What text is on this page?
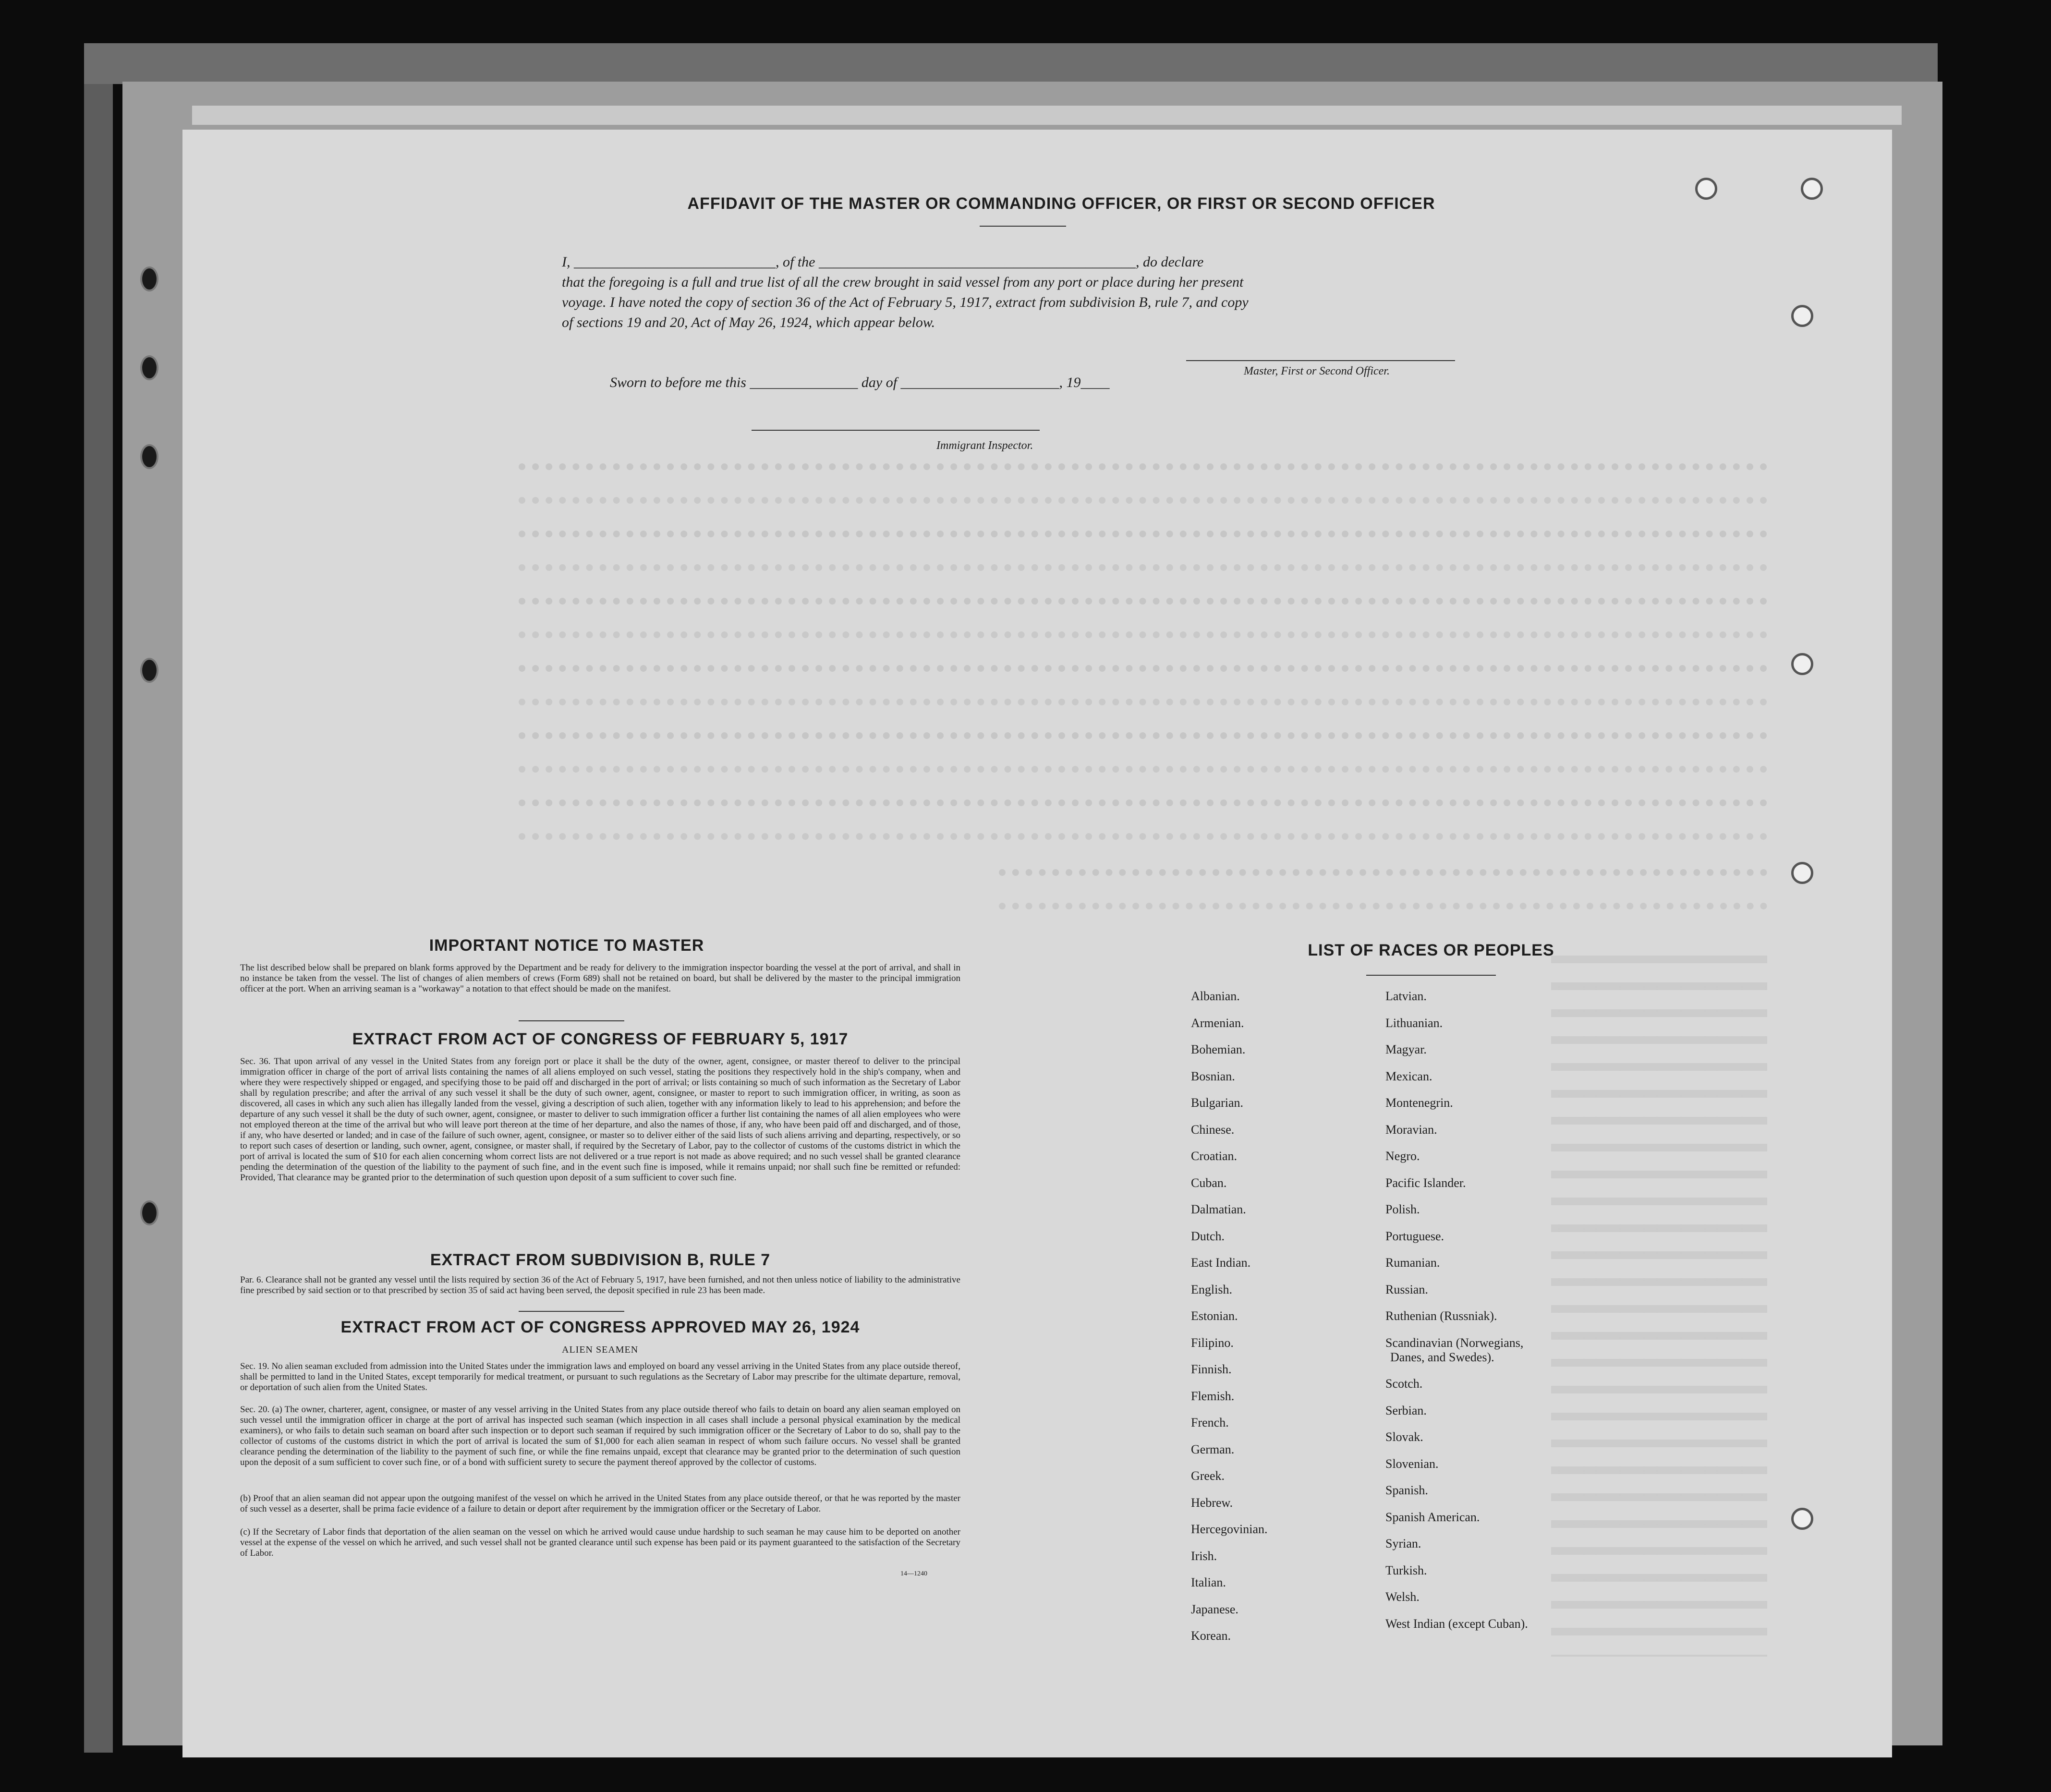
AFFIDAVIT OF THE MASTER OR COMMANDING OFFICER, OR FIRST OR SECOND OFFICER
I, ____________________________, of the ____________________________________________, do declare
that the foregoing is a full and true list of all the crew brought in said vessel from any port or place during her present
voyage. I have noted the copy of section 36 of the Act of February 5, 1917, extract from subdivision B, rule 7, and copy
of sections 19 and 20, Act of May 26, 1924, which appear below.
Master, First or Second Officer.
Sworn to before me this _______________ day of ______________________, 19____
Immigrant Inspector.
IMPORTANT NOTICE TO MASTER
The list described below shall be prepared on blank forms approved by the Department and be ready for delivery to the immigration inspector boarding the vessel at the port of arrival, and shall in no instance be taken from the vessel. The list of changes of alien members of crews (Form 689) shall not be retained on board, but shall be delivered by the master to the principal immigration officer at the port. When an arriving seaman is a "workaway" a notation to that effect should be made on the manifest.
EXTRACT FROM ACT OF CONGRESS OF FEBRUARY 5, 1917
Sec. 36. That upon arrival of any vessel in the United States from any foreign port or place it shall be the duty of the owner, agent, consignee, or master thereof to deliver to the principal immigration officer in charge of the port of arrival lists containing the names of all aliens employed on such vessel, stating the positions they respectively hold in the ship's company, when and where they were respectively shipped or engaged, and specifying those to be paid off and discharged in the port of arrival; or lists containing so much of such information as the Secretary of Labor shall by regulation prescribe; and after the arrival of any such vessel it shall be the duty of such owner, agent, consignee, or master to report to such immigration officer, in writing, as soon as discovered, all cases in which any such alien has illegally landed from the vessel, giving a description of such alien, together with any information likely to lead to his apprehension; and before the departure of any such vessel it shall be the duty of such owner, agent, consignee, or master to deliver to such immigration officer a further list containing the names of all alien employees who were not employed thereon at the time of the arrival but who will leave port thereon at the time of her departure, and also the names of those, if any, who have been paid off and discharged, and of those, if any, who have deserted or landed; and in case of the failure of such owner, agent, consignee, or master so to deliver either of the said lists of such aliens arriving and departing, respectively, or so to report such cases of desertion or landing, such owner, agent, consignee, or master shall, if required by the Secretary of Labor, pay to the collector of customs of the customs district in which the port of arrival is located the sum of $10 for each alien concerning whom correct lists are not delivered or a true report is not made as above required; and no such vessel shall be granted clearance pending the determination of the question of the liability to the payment of such fine, and in the event such fine is imposed, while it remains unpaid; nor shall such fine be remitted or refunded: Provided, That clearance may be granted prior to the determination of such question upon deposit of a sum sufficient to cover such fine.
EXTRACT FROM SUBDIVISION B, RULE 7
Par. 6. Clearance shall not be granted any vessel until the lists required by section 36 of the Act of February 5, 1917, have been furnished, and not then unless notice of liability to the administrative fine prescribed by said section or to that prescribed by section 35 of said act having been served, the deposit specified in rule 23 has been made.
EXTRACT FROM ACT OF CONGRESS APPROVED MAY 26, 1924
ALIEN SEAMEN
Sec. 19. No alien seaman excluded from admission into the United States under the immigration laws and employed on board any vessel arriving in the United States from any place outside thereof, shall be permitted to land in the United States, except temporarily for medical treatment, or pursuant to such regulations as the Secretary of Labor may prescribe for the ultimate departure, removal, or deportation of such alien from the United States.
Sec. 20. (a) The owner, charterer, agent, consignee, or master of any vessel arriving in the United States from any place outside thereof who fails to detain on board any alien seaman employed on such vessel until the immigration officer in charge at the port of arrival has inspected such seaman (which inspection in all cases shall include a personal physical examination by the medical examiners), or who fails to detain such seaman on board after such inspection or to deport such seaman if required by such immigration officer or the Secretary of Labor to do so, shall pay to the collector of customs of the customs district in which the port of arrival is located the sum of $1,000 for each alien seaman in respect of whom such failure occurs. No vessel shall be granted clearance pending the determination of the liability to the payment of such fine, or while the fine remains unpaid, except that clearance may be granted prior to the determination of such question upon the deposit of a sum sufficient to cover such fine, or of a bond with sufficient surety to secure the payment thereof approved by the collector of customs.
(b) Proof that an alien seaman did not appear upon the outgoing manifest of the vessel on which he arrived in the United States from any place outside thereof, or that he was reported by the master of such vessel as a deserter, shall be prima facie evidence of a failure to detain or deport after requirement by the immigration officer or the Secretary of Labor.
(c) If the Secretary of Labor finds that deportation of the alien seaman on the vessel on which he arrived would cause undue hardship to such seaman he may cause him to be deported on another vessel at the expense of the vessel on which he arrived, and such vessel shall not be granted clearance until such expense has been paid or its payment guaranteed to the satisfaction of the Secretary of Labor.
14—1240
LIST OF RACES OR PEOPLES
Albanian.
Armenian.
Bohemian.
Bosnian.
Bulgarian.
Chinese.
Croatian.
Cuban.
Dalmatian.
Dutch.
East Indian.
English.
Estonian.
Filipino.
Finnish.
Flemish.
French.
German.
Greek.
Hebrew.
Hercegovinian.
Irish.
Italian.
Japanese.
Korean.
Latvian.
Lithuanian.
Magyar.
Mexican.
Montenegrin.
Moravian.
Negro.
Pacific Islander.
Polish.
Portuguese.
Rumanian.
Russian.
Ruthenian (Russniak).
Scandinavian (Norwegians,
Danes, and Swedes).
Scotch.
Serbian.
Slovak.
Slovenian.
Spanish.
Spanish American.
Syrian.
Turkish.
Welsh.
West Indian (except Cuban).
